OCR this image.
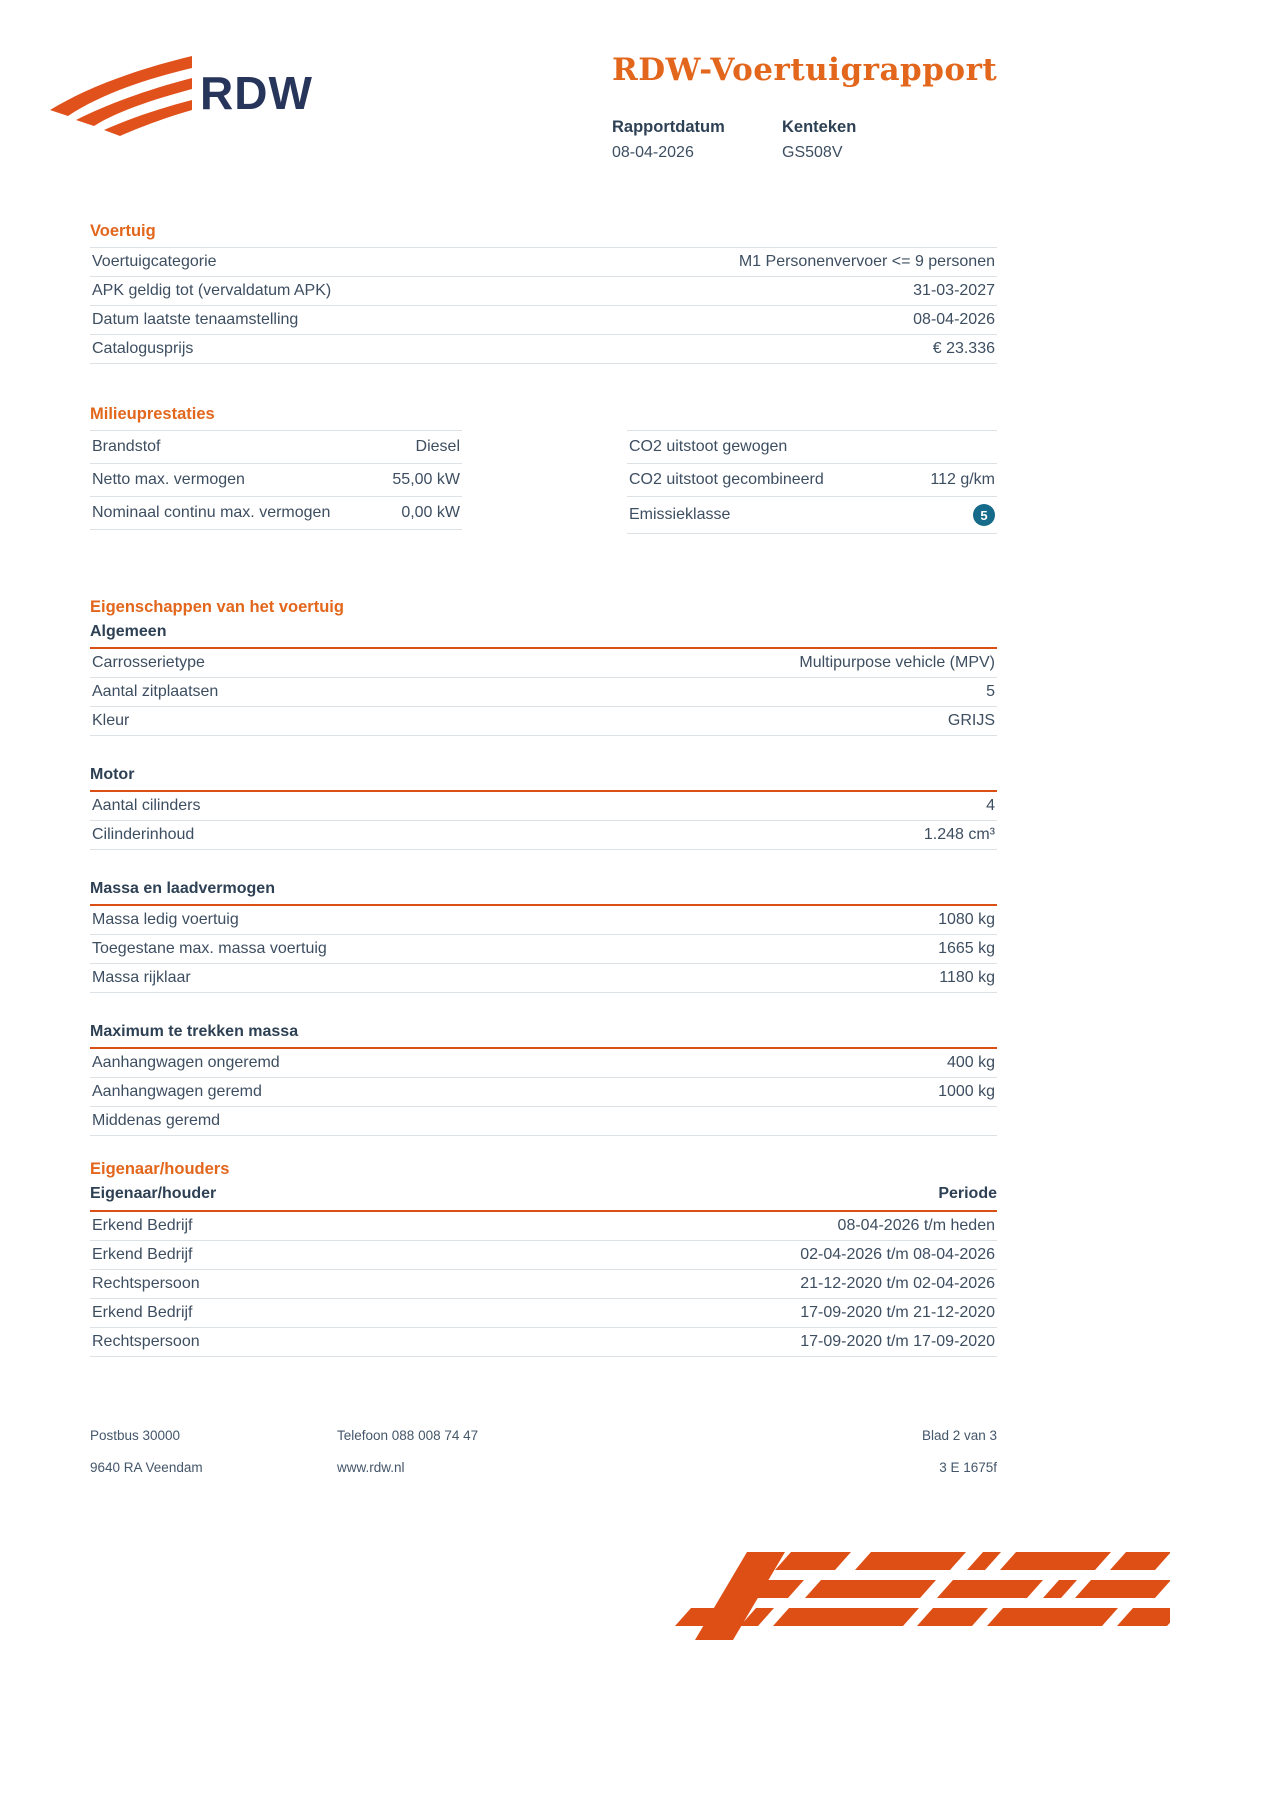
RDW	RDW-Voertuigrapport
Rapportdatum
08-04-2026
Kenteken
GS508V
Voertuig
Voertuigcategorie	M1 Personenvervoer <= 9 personen
APK geldig tot (vervaldatum APK)	31-03-2027
Datum laatste tenaamstelling	08-04-2026
Catalogusprijs	€ 23.336
Milieuprestaties
Brandstof	Diesel
Netto max. vermogen	55,00 kW
Nominaal continu max. vermogen	0,00 kW
CO2 uitstoot gewogen
CO2 uitstoot gecombineerd	112 g/km
Emissieklasse	5
Eigenschappen van het voertuig
Algemeen
Carrosserietype	Multipurpose vehicle (MPV)
Aantal zitplaatsen	5
Kleur	GRIJS
Motor
Aantal cilinders	4
Cilinderinhoud	1.248 cm³
Massa en laadvermogen
Massa ledig voertuig	1080 kg
Toegestane max. massa voertuig	1665 kg
Massa rijklaar	1180 kg
Maximum te trekken massa
Aanhangwagen ongeremd	400 kg
Aanhangwagen geremd	1000 kg
Middenas geremd
Eigenaar/houders
Eigenaar/houder	Periode
Erkend Bedrijf	08-04-2026 t/m heden
Erkend Bedrijf	02-04-2026 t/m 08-04-2026
Rechtspersoon	21-12-2020 t/m 02-04-2026
Erkend Bedrijf	17-09-2020 t/m 21-12-2020
Rechtspersoon	17-09-2020 t/m 17-09-2020
Postbus 30000	Telefoon 088 008 74 47	Blad 2 van 3
9640 RA Veendam	www.rdw.nl	3 E 1675f
